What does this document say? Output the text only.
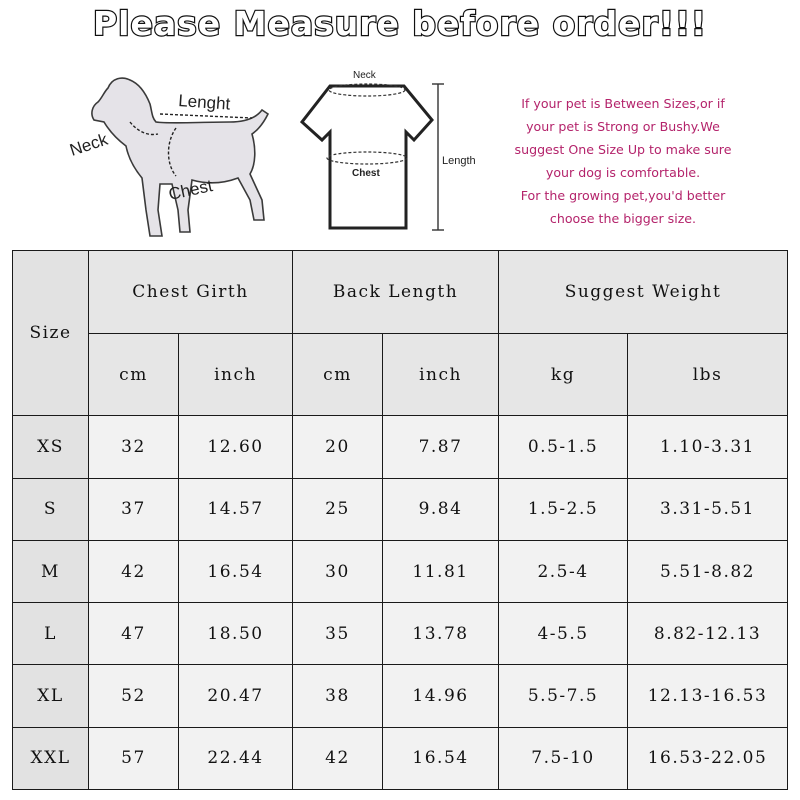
Please Measure before order!!!
Neck
Lenght
Chest
Neck
Chest
Length
If your pet is Between Sizes,or if
your pet is Strong or Bushy.We
suggest One Size Up to make sure
your dog is comfortable.
For the growing pet,you'd better
choose the bigger size.
Size	Chest Girth		Back Length		Suggest Weight	
	cm	inch	cm	inch	kg	lbs
XS	32	12.60	20	7.87	0.5-1.5	1.10-3.31
S	37	14.57	25	9.84	1.5-2.5	3.31-5.51
M	42	16.54	30	11.81	2.5-4	5.51-8.82
L	47	18.50	35	13.78	4-5.5	8.82-12.13
XL	52	20.47	38	14.96	5.5-7.5	12.13-16.53
XXL	57	22.44	42	16.54	7.5-10	16.53-22.05
